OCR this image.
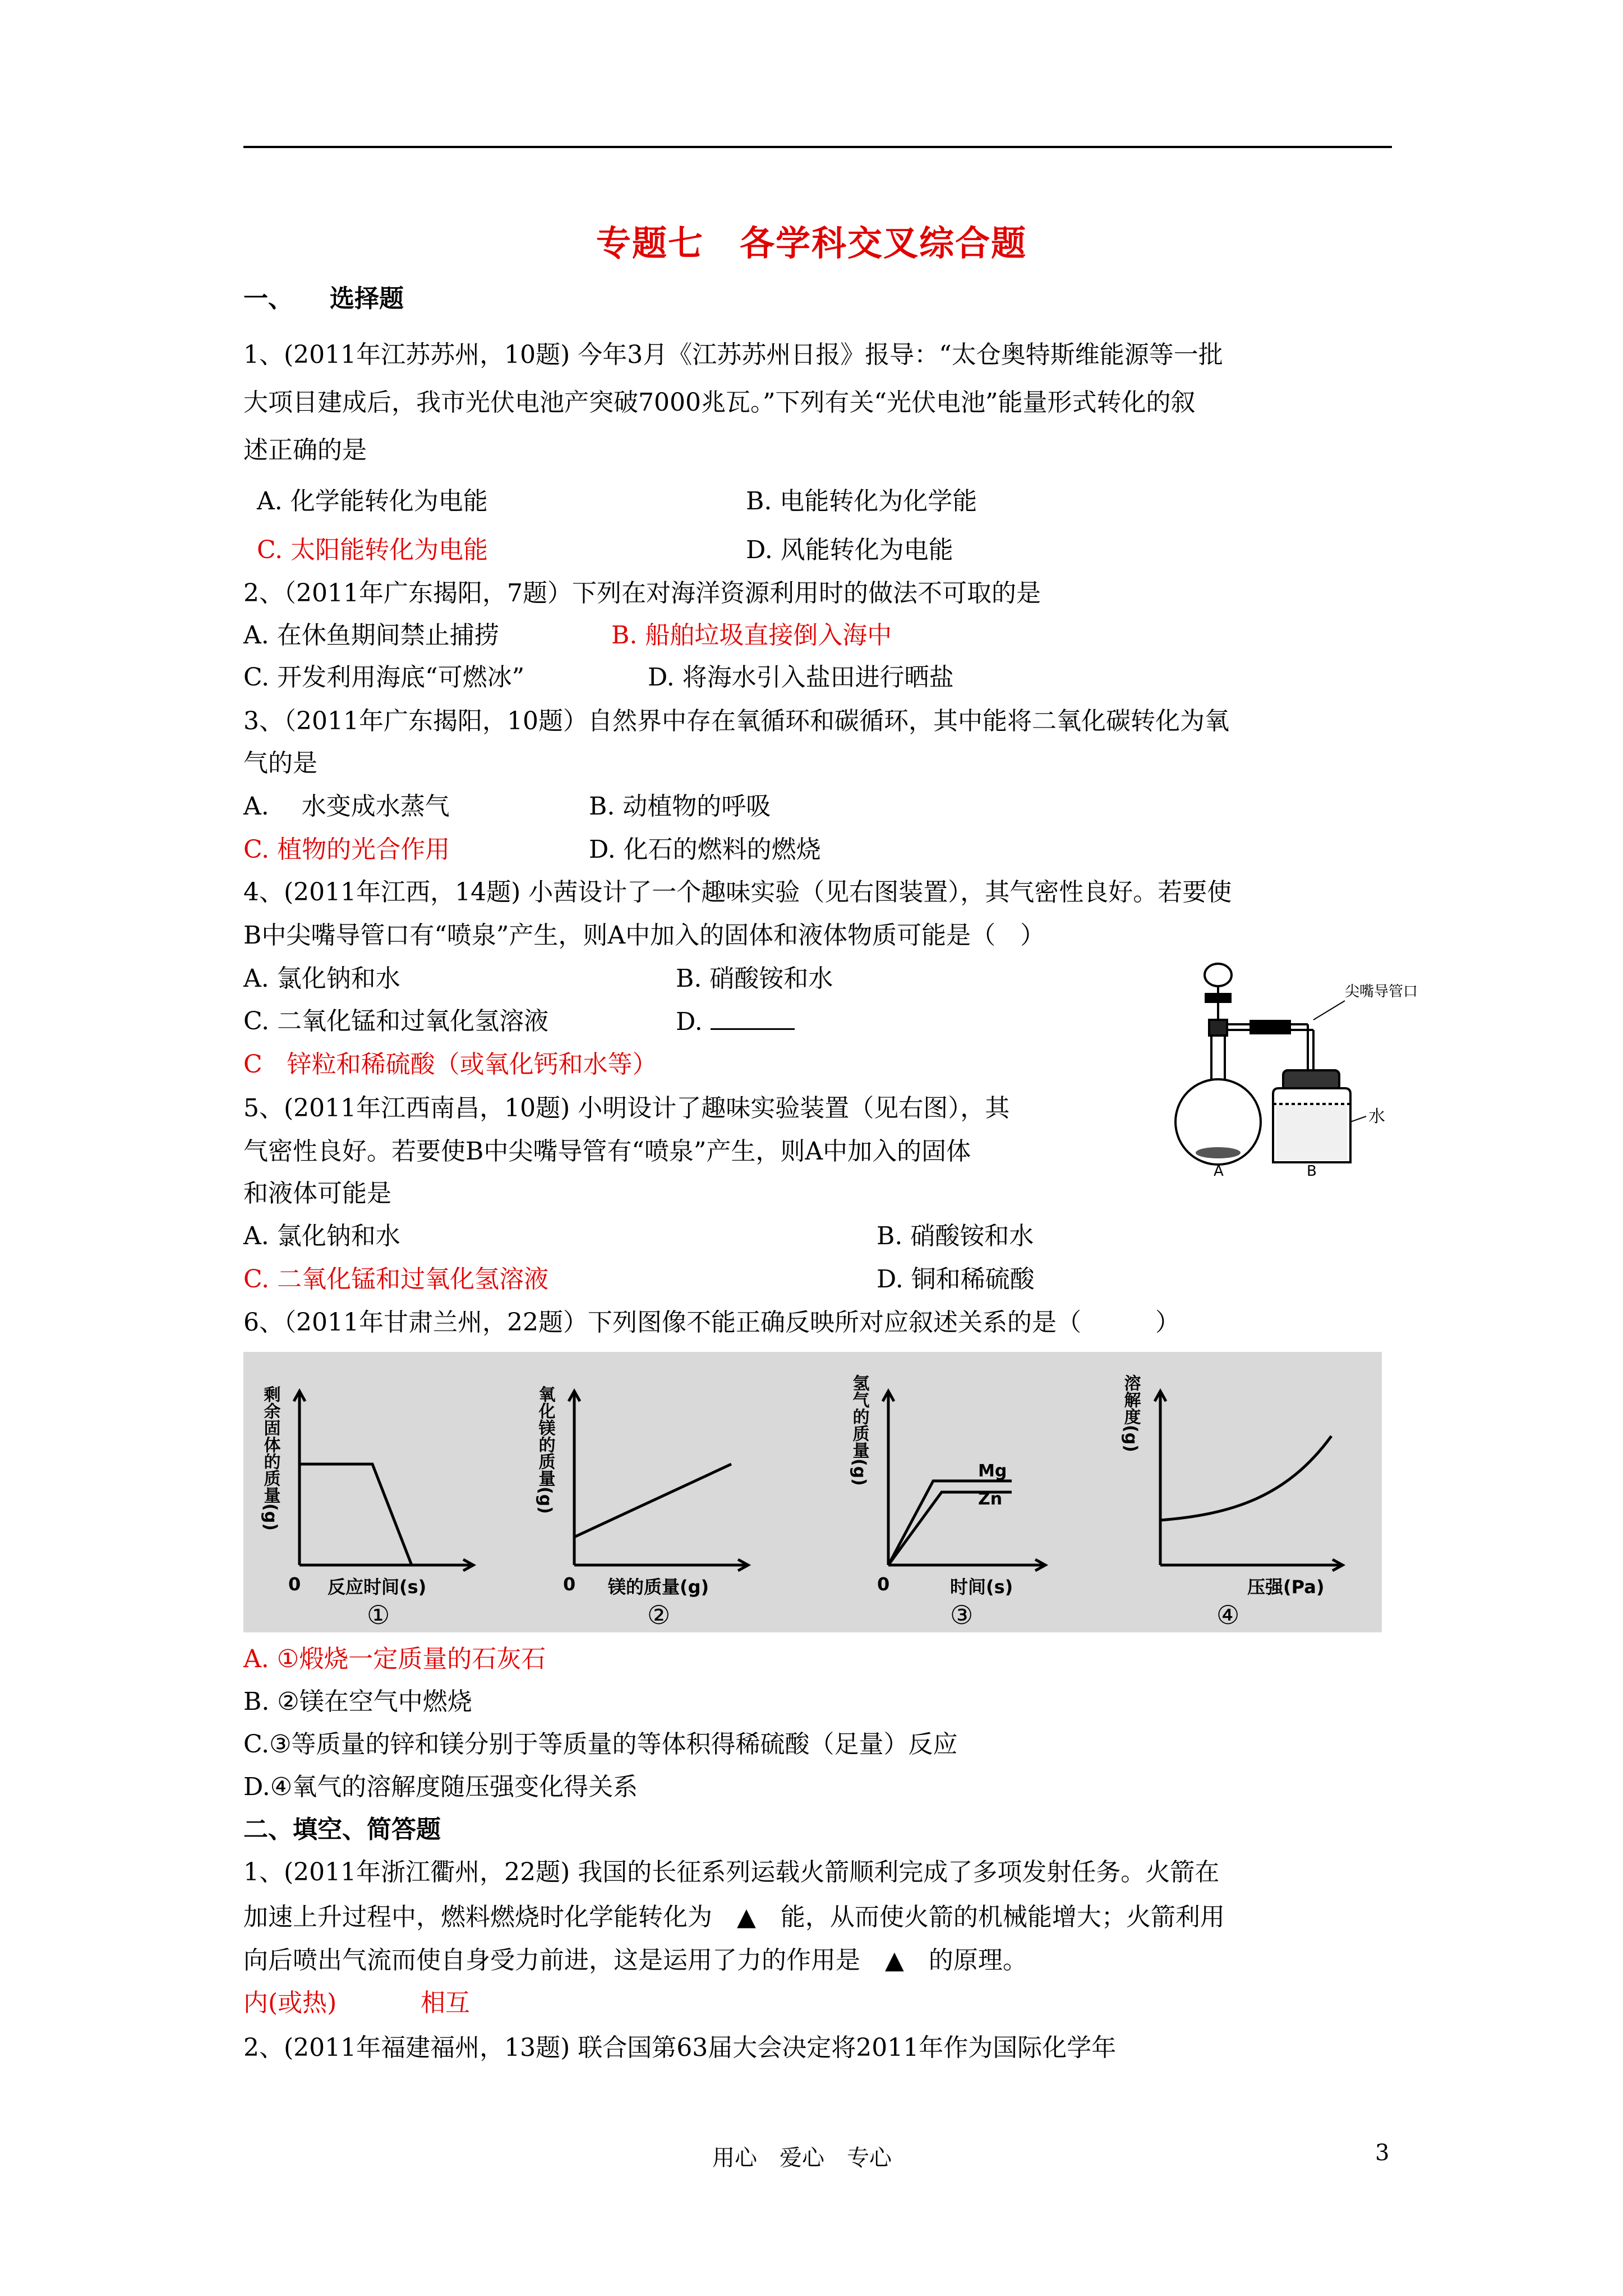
专题七　各学科交叉综合题
一、　　选择题
1、(2011年江苏苏州，10题) 今年3月《江苏苏州日报》报导：“太仓奥特斯维能源等一批
大项目建成后，我市光伏电池产突破7000兆瓦。”下列有关“光伏电池”能量形式转化的叙
述正确的是
A. 化学能转化为电能	B. 电能转化为化学能
C. 太阳能转化为电能	D. 风能转化为电能
2、（2011年广东揭阳，7题）下列在对海洋资源利用时的做法不可取的是
A. 在休鱼期间禁止捕捞	B. 船舶垃圾直接倒入海中
C. 开发利用海底“可燃冰”	D. 将海水引入盐田进行晒盐
3、（2011年广东揭阳，10题）自然界中存在氧循环和碳循环，其中能将二氧化碳转化为氧
气的是
A.　 水变成水蒸气	B. 动植物的呼吸
C. 植物的光合作用	D. 化石的燃料的燃烧
4、(2011年江西，14题) 小茜设计了一个趣味实验（见右图装置），其气密性良好。若要使
B中尖嘴导管口有“喷泉”产生，则A中加入的固体和液体物质可能是（　）
A. 氯化钠和水	B. 硝酸铵和水
C. 二氧化锰和过氧化氢溶液	D.
C　锌粒和稀硫酸（或氧化钙和水等）
尖嘴导管口
水
A	B
5、(2011年江西南昌，10题) 小明设计了趣味实验装置（见右图），其
气密性良好。若要使B中尖嘴导管有“喷泉”产生，则A中加入的固体
和液体可能是
A. 氯化钠和水	B. 硝酸铵和水
C. 二氧化锰和过氧化氢溶液	D. 铜和稀硫酸
6、（2011年甘肃兰州，22题）下列图像不能正确反映所对应叙述关系的是（　　　）
剩余固体的质量(g)
反应时间(s)
0
①
氧化镁的质量(g)
镁的质量(g)
0
②
氢气的质量(g)
时间(s)
0
Mg
Zn
③
溶解度(g)
压强(Pa)
④
A. ①煅烧一定质量的石灰石
B. ②镁在空气中燃烧
C.③等质量的锌和镁分别于等质量的等体积得稀硫酸（足量）反应
D.④氧气的溶解度随压强变化得关系
二、填空、简答题
1、(2011年浙江衢州，22题) 我国的长征系列运载火箭顺利完成了多项发射任务。火箭在
加速上升过程中，燃料燃烧时化学能转化为　▲　能，从而使火箭的机械能增大；火箭利用
向后喷出气流而使自身受力前进，这是运用了力的作用是　▲　的原理。
内(或热)	相互
2、(2011年福建福州，13题) 联合国第63届大会决定将2011年作为国际化学年
用心　爱心　专心	3
